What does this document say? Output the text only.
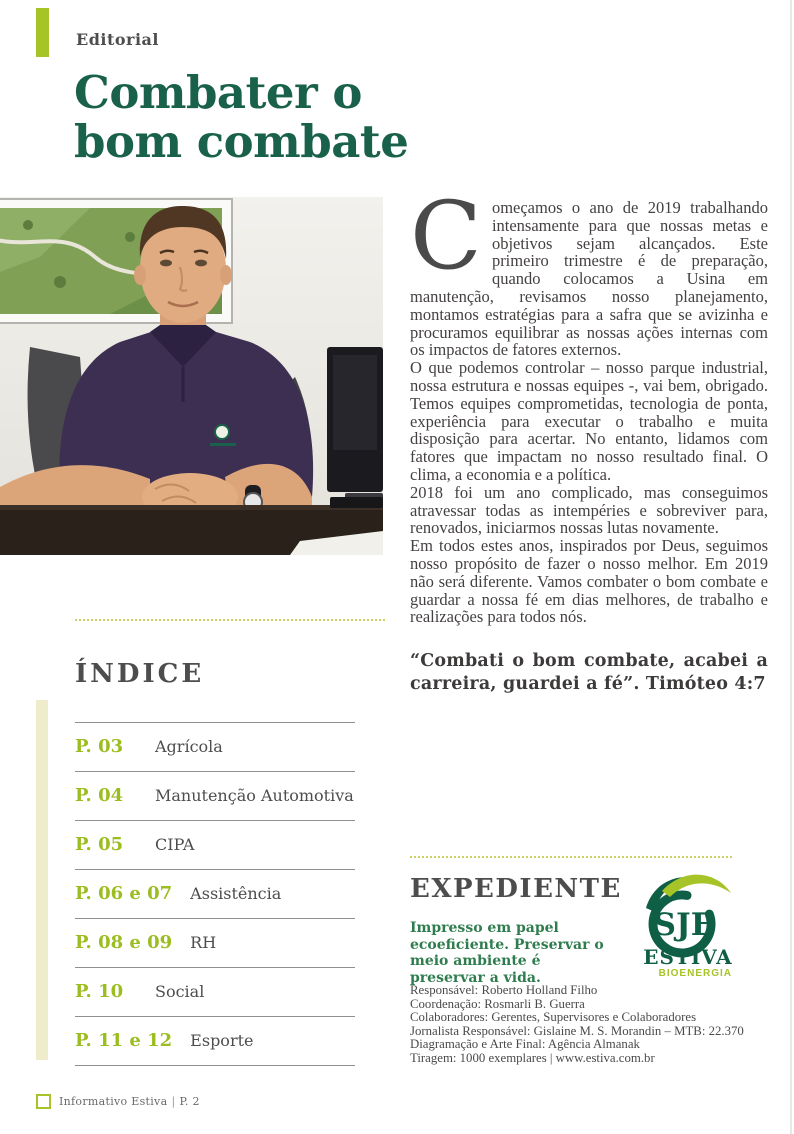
Editorial
Combater o
bom combate

Começamos o ano de 2019 trabalhando intensamente para que nossas metas e objetivos sejam alcançados. Este primeiro trimestre é de preparação, quando colocamos a Usina em manutenção, revisamos nosso planejamento, montamos estratégias para a safra que se avizinha e procuramos equilibrar as nossas ações internas com os impactos de fatores externos.

O que podemos controlar – nosso parque industrial, nossa estrutura e nossas equipes -, vai bem, obrigado. Temos equipes comprometidas, tecnologia de ponta, experiência para executar o trabalho e muita disposição para acertar. No entanto, lidamos com fatores que impactam no nosso resultado final. O clima, a economia e a política.

2018 foi um ano complicado, mas conseguimos atravessar todas as intempéries e sobreviver para, renovados, iniciarmos nossas lutas novamente.

Em todos estes anos, inspirados por Deus, seguimos nosso propósito de fazer o nosso melhor. Em 2019 não será diferente. Vamos combater o bom combate e guardar a nossa fé em dias melhores, de trabalho e realizações para todos nós.

“Combati o bom combate, acabei a carreira, guardei a fé”. Timóteo 4:7
ÍNDICE
P. 03	Agrícola
P. 04	Manutenção Automotiva
P. 05	CIPA
P. 06 e 07 Assistência
P. 08 e 09 RH
P. 10	Social
P. 11 e 12 Esporte
EXPEDIENTE
Impresso em papel ecoeficiente. Preservar o meio ambiente é preservar a vida.
SJE
ESTIVA
BIOENERGIA
Responsável: Roberto Holland Filho
Coordenação: Rosmarli B. Guerra
Colaboradores: Gerentes, Supervisores e Colaboradores
Jornalista Responsável: Gislaine M. S. Morandin – MTB: 22.370
Diagramação e Arte Final: Agência Almanak
Tiragem: 1000 exemplares | www.estiva.com.br
Informativo Estiva | P. 2
